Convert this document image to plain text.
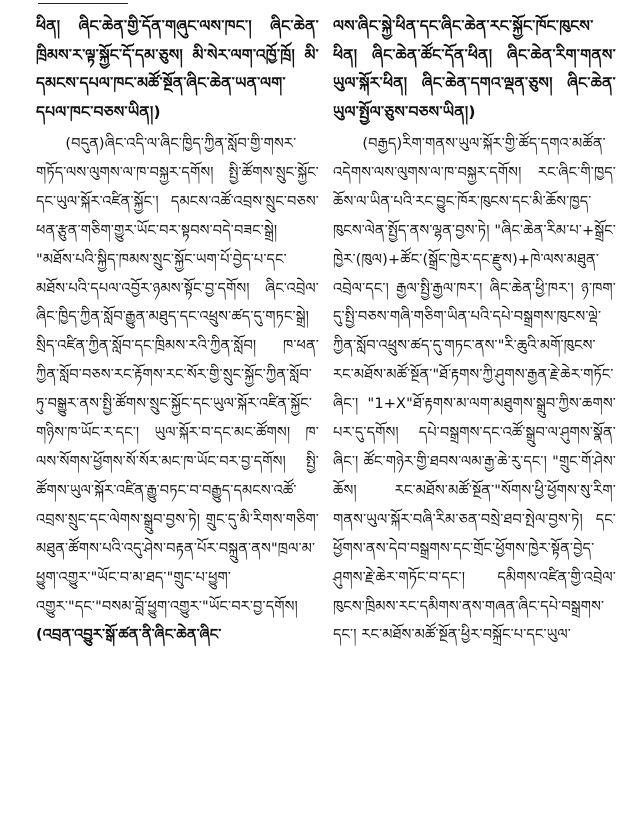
ཕིན། ཞིང་ཆེན་གྱི་དོན་གཞུང་ལས་ཁང་། ཞིང་ཆེན་ཁྲིམས་ར་ལྟ་སྐྱོང་དོ་དམ་ཅུས། མི་སེར་ལག་འཁྱོ་ཁྲོ། མི་དམངས་དཔལ་ཁང་མཚོ་སྔོན་ཞིང་ཆེན་ཡན་ལག་དཔལ་ཁང་བཅས་ཡིན།)

  (བདུན)ཞིང་འདི་ལ་ཞིང་ཁྱིད་ཀྱིན་སློབ་གྱི་གསར་གཏོད་ལས་ལུགས་ལ་ཁ་བསྐྱར་དགོས། སྤྱི་ཚོགས་སྲུང་སྐྱོང་དང་ཡུལ་སྐོར་འཛིན་སྐྱོང་། དམངས་འཚོ་འབྲས་སྲུང་བཅས་ཕན་རྩུན་གཅིག་གྱུར་ཡོང་བར་སྟབས་བདེ་བཟང་སྒྲེ། "མཐོས་པའི་སྐྱིད་ཁམས་སྲུང་སྐྱོང་ཡག་པོ་བྱེད་པ་དང་མཐོས་པའི་དཔལ་འབྱོར་ཉམས་སྟོང་བྱ་དགོས། ཞིང་འབྲེལ་ཞིང་ཁྱིད་ཀྱིན་སློབ་རྒྱུན་མཐུད་དང་འཕྲུས་ཚད་དུ་གཏང་སྒྲེ། སྲིད་འཛིན་ཀྱིན་སློབ་དང་ཁྲིམས་རའི་ཀྱིན་སློབ། ཁ་ཕན་ཀྱིན་སློབ་བཅས་རང་རྟོགས་རང་སོར་གྱི་སྲུང་སྐྱོང་ཀྱིན་སློབ་ཏུ་བསྒྱུར་ནས་སྤྱི་ཚོགས་སྲུང་སྐྱོང་དང་ཡུལ་སྐོར་འཛིན་སྐྱོང་གཉིས་ཁ་ཡོང་ར་དང་། ཡུལ་སྐོར་བ་དང་མང་ཚོགས། ཁ་ལས་སོགས་ཕྱོགས་སོ་སོར་མང་ཁ་ཡོང་བར་བྱ་དགོས། སྤྱི་ཚོགས་ཡུལ་སྐོར་འཛིན་རྒྱུ་བཏང་བ་བརྒྱུད་དམངས་འཚོ་འབྲས་སྲུང་དང་ལེགས་སྒྲུབ་བྱས་ཏེ། གྲུང་དུ་མི་རིགས་གཅིག་མཐུན་ཚོགས་པའི་འདུ་ཤེས་བརྟན་པོར་བསྐྲུན་ནས"ཁྲལ་མ་ཕྱུག་འགྱུར་"ཡོང་བ་མ་ཐད་"གྲུང་པ་ཕྱུག་འགྱུར་"དང་"བསམ་བློ་ཕྱུག་འགྱུར་"ཡོང་བར་བྱ་དགོས།(འབྲན་འབྱུར་སྒོ་ཚན་ནི་ཞིང་ཆེན་ཞིང་

ལས་ཞིང་སྐྱེ་ཕིན་དང་ཞིང་ཆེན་རང་སྐྱོང་ཁོང་ཁུངས་ཕིན། ཞིང་ཆེན་ཚོང་དོན་ཕིན། ཞིང་ཆེན་རིག་གནས་ཡུལ་སྐོར་ཕིན། ཞིང་ཆེན་དགའ་ལྡན་ཅུས། ཞིང་ཆེན་ཡུལ་སྤྱོལ་ཅུས་བཅས་ཡིན།)

  (བརྒྱད)རིག་གནས་ཡུལ་སྐོར་གྱི་ཚོད་དགའ་མཚོན་འདེགས་ལས་ལུགས་ལ་ཁ་བསྐྱར་དགོས། རང་ཞིང་གི་ཁྱད་ཆོས་ལ་ཡིན་པའི་རང་བྱུང་ཁོར་ཁུངས་དང་མི་ཆོས་ཁྱད་ཁུངས་ལེན་སྤྱོད་ནས་ལྷན་བྱས་ཏེ། "ཞིང་ཆེན་རིམ་པ་+སྒྲོང་ཁྱེར་(ཁུལ)+ཚོང་(སྒྲོང་ཁྱེར་དང་རྫུས)+ཁེ་ལས་མཐུན་འབྲེལ་དང་། རྒྱལ་སྤྱི་རྒྱལ་ཁར་། ཞིང་ཆེན་ཕྱི་ཁར་། ཉ་ཁག་དུ་སྤྱི་བཅས་གཞི་གཅིག་ཡིན་པའི་དཔེ་བསྒྲགས་ཁུངས་ལྡེ་ཀྱིན་སློབ་འཕྲུས་ཚད་དུ་གཏང་ནས་"རི་ཆུའི་མགོ་ཁུངས་རང་མཐོས་མཚོ་སྔོན་"ཐོ་རྟགས་ཀྱི་ཤུགས་རྒྱན་རྗེ་ཆེར་གཏོང་ཞིང་། "1+X"ཐོ་རྟགས་མ་ལག་མཐུགས་སྒྲུབ་ཀྱིས་ཆགས་པར་དུ་དགོས། དཔེ་བསྒྲགས་དང་འཚོ་སྒྲུབ་ལ་ཤུགས་སྣོན་ཞིང་། ཚོང་གཉེར་གྱི་ཐབས་ལམ་རྒྱ་ཆེ་རུ་དང་། "གྲུང་གོ་ཤེས་ཆོས། རང་མཐོས་མཚོ་སྔོན་"སོགས་ཕྱི་ཕྱོགས་སུ་རིག་གནས་ཡུལ་སྐོར་བཞི་རིམ་ཅན་བསྲེ་ཐབ་སྤེལ་བྱས་ཏེ། དང་ཕྱོགས་ནས་དེབ་བསྒྲགས་དང་གྲོང་ཕྱོགས་ཁྱེར་སྟོན་བྱེད་ཤུགས་རྗེ་ཆེར་གཏོང་བ་དང་། དམིགས་འཛིན་གྱི་འབྲེལ་ཁུངས་ཁྲིམས་རང་དམིགས་ནས་གཞན་ཞིང་དཔེ་བསྒྲགས་དང་། རང་མཐོས་མཚོ་སྔོན་ཕྱིར་བསྐྲོང་པ་དང་ཡུལ་
